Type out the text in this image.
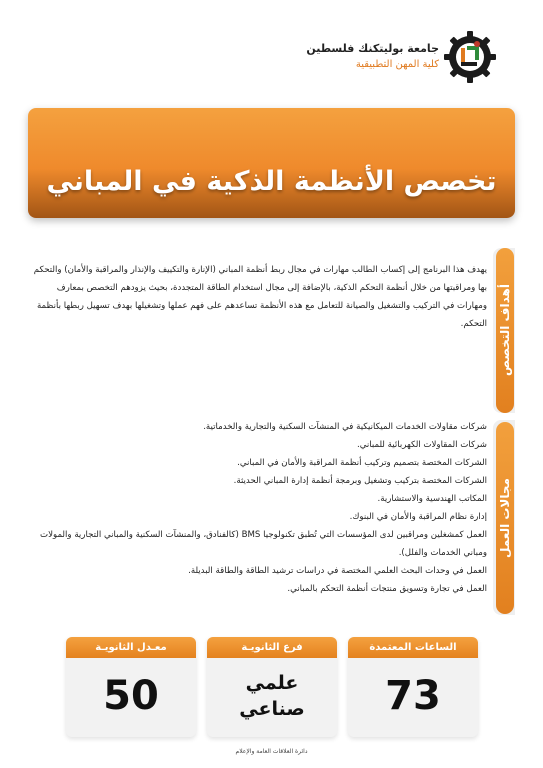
جامعة بوليتكنك فلسطين
كلية المهن التطبيقية
تخصص الأنظمة الذكية في المباني
أهداف التخصص
مجالات العمل

يهدف هذا البرنامج إلى إكساب الطالب مهارات في مجال ربط أنظمة المباني (الإنارة والتكييف والإنذار والمراقبة والأمان) والتحكم بها ومراقبتها من خلال أنظمة التحكم الذكية، بالإضافة إلى مجال استخدام الطاقة المتجددة، بحيث يزودهم التخصص بمعارف ومهارات في التركيب والتشغيل والصيانة للتعامل مع هذه الأنظمة تساعدهم على فهم عملها وتشغيلها بهدف تسهيل ربطها بأنظمة التحكم.

شركات مقاولات الخدمات الميكانيكية في المنشآت السكنية والتجارية والخدماتية.
شركات المقاولات الكهربائية للمباني.
الشركات المختصة بتصميم وتركيب أنظمة المراقبة والأمان في المباني.
الشركات المختصة بتركيب وتشغيل وبرمجة أنظمة إدارة المباني الحديثة.
المكاتب الهندسية والاستشارية.
إدارة نظام المراقبة والأمان في البنوك.
العمل كمشغلين ومراقبين لدى المؤسسات التي تُطبق تكنولوجيا BMS (كالفنادق، والمنشآت السكنية والمباني التجارية والمولات ومباني الخدمات والفلل).
العمل في وحدات البحث العلمي المختصة في دراسات ترشيد الطاقة والطاقة البديلة.
العمل في تجارة وتسويق منتجات أنظمة التحكم بالمباني.
الساعات المعتمدة
73
فرع الثانويـة
علمي
صناعي
معـدل الثانويـة
50
دائرة العلاقات العامة والإعلام
